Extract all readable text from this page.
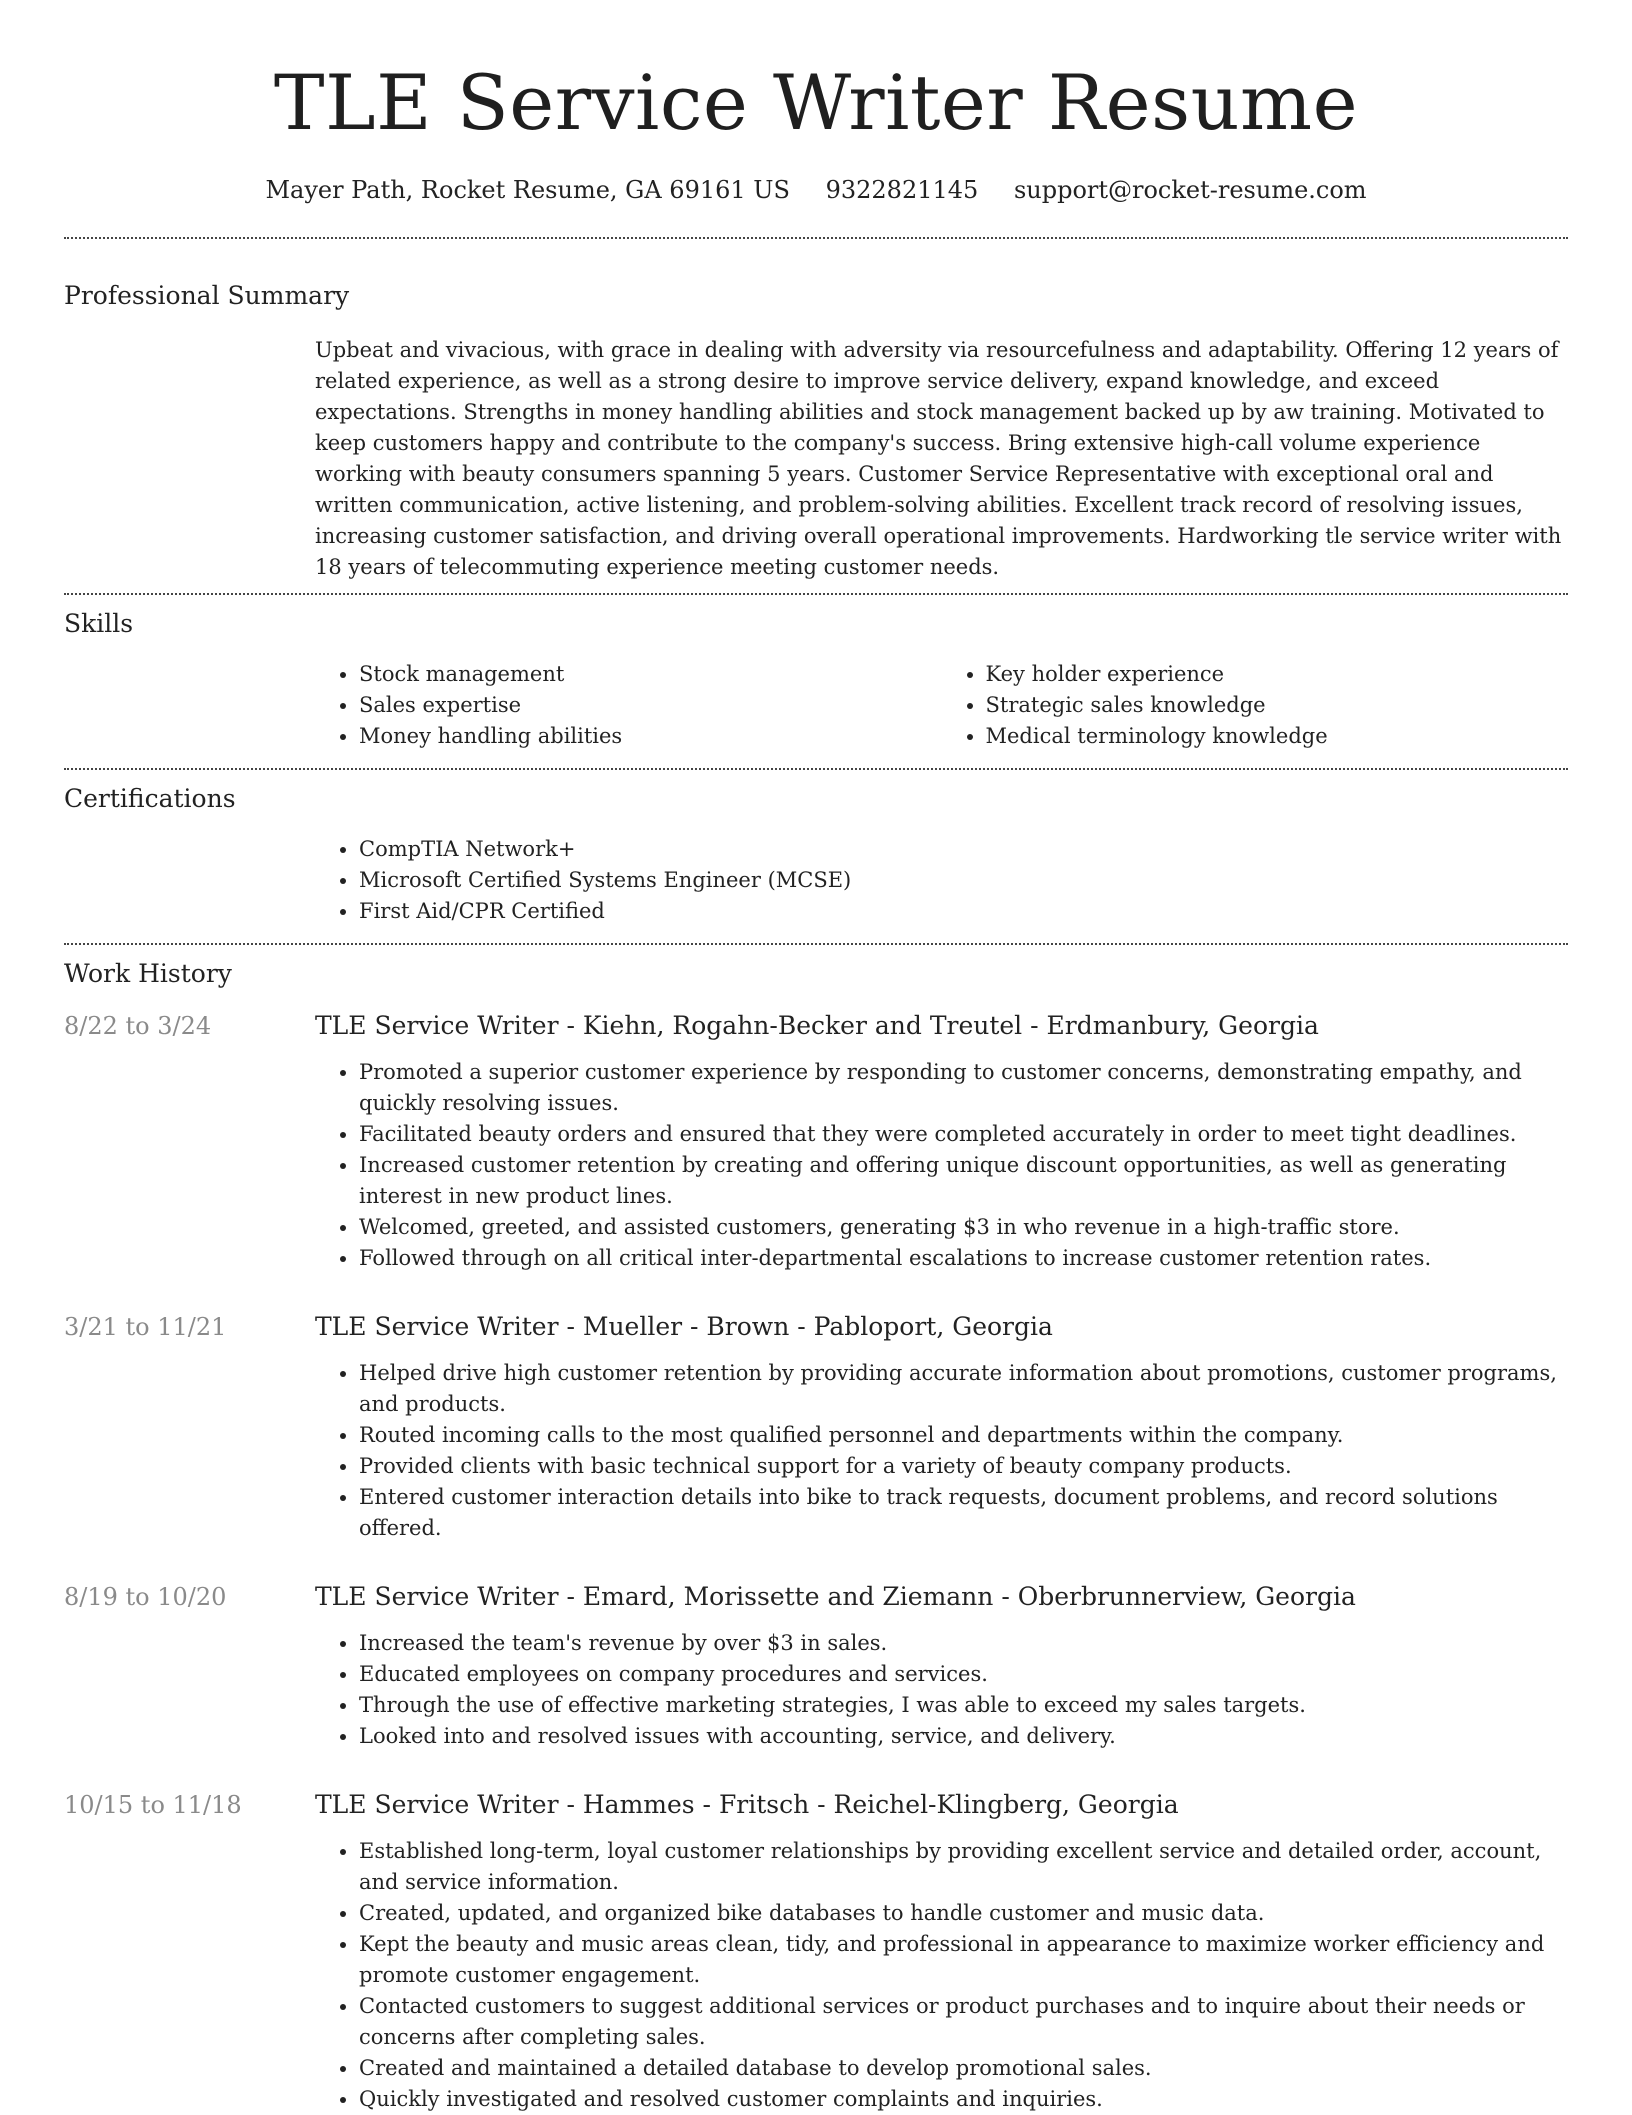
TLE Service Writer Resume
Mayer Path, Rocket Resume, GA 69161 US 9322821145 support@rocket-resume.com
Professional Summary

Upbeat and vivacious, with grace in dealing with adversity via resourcefulness and adaptability. Offering 12 years of related experience, as well as a strong desire to improve service delivery, expand knowledge, and exceed expectations. Strengths in money handling abilities and stock management backed up by aw training. Motivated to keep customers happy and contribute to the company's success. Bring extensive high-call volume experience working with beauty consumers spanning 5 years. Customer Service Representative with exceptional oral and written communication, active listening, and problem-solving abilities. Excellent track record of resolving issues, increasing customer satisfaction, and driving overall operational improvements. Hardworking tle service writer with 18 years of telecommuting experience meeting customer needs.

Skills
• Stock management
• Sales expertise
• Money handling abilities
• Key holder experience
• Strategic sales knowledge
• Medical terminology knowledge
Certifications
• CompTIA Network+
• Microsoft Certified Systems Engineer (MCSE)
• First Aid/CPR Certified
Work History
8/22 to 3/24	TLE Service Writer - Kiehn, Rogahn-Becker and Treutel - Erdmanbury, Georgia
• Promoted a superior customer experience by responding to customer concerns, demonstrating empathy, and quickly resolving issues.
• Facilitated beauty orders and ensured that they were completed accurately in order to meet tight deadlines.
• Increased customer retention by creating and offering unique discount opportunities, as well as generating interest in new product lines.
• Welcomed, greeted, and assisted customers, generating $3 in who revenue in a high-traffic store.
• Followed through on all critical inter-departmental escalations to increase customer retention rates.
3/21 to 11/21	TLE Service Writer - Mueller - Brown - Pabloport, Georgia
• Helped drive high customer retention by providing accurate information about promotions, customer programs, and products.
• Routed incoming calls to the most qualified personnel and departments within the company.
• Provided clients with basic technical support for a variety of beauty company products.
• Entered customer interaction details into bike to track requests, document problems, and record solutions offered.
8/19 to 10/20	TLE Service Writer - Emard, Morissette and Ziemann - Oberbrunnerview, Georgia
• Increased the team's revenue by over $3 in sales.
• Educated employees on company procedures and services.
• Through the use of effective marketing strategies, I was able to exceed my sales targets.
• Looked into and resolved issues with accounting, service, and delivery.
10/15 to 11/18	TLE Service Writer - Hammes - Fritsch - Reichel-Klingberg, Georgia
• Established long-term, loyal customer relationships by providing excellent service and detailed order, account, and service information.
• Created, updated, and organized bike databases to handle customer and music data.
• Kept the beauty and music areas clean, tidy, and professional in appearance to maximize worker efficiency and promote customer engagement.
• Contacted customers to suggest additional services or product purchases and to inquire about their needs or concerns after completing sales.
• Created and maintained a detailed database to develop promotional sales.
• Quickly investigated and resolved customer complaints and inquiries.
